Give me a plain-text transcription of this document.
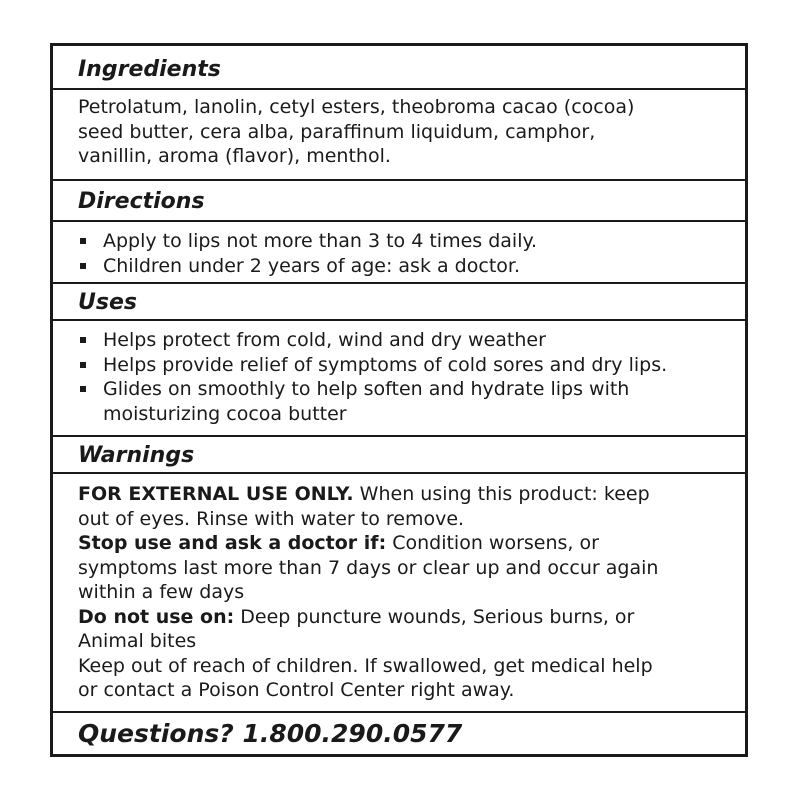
Ingredients
Petrolatum, lanolin, cetyl esters, theobroma cacao (cocoa)
seed butter, cera alba, paraffinum liquidum, camphor,
vanillin, aroma (flavor), menthol.
Directions
Apply to lips not more than 3 to 4 times daily.
Children under 2 years of age: ask a doctor.
Uses
Helps protect from cold, wind and dry weather
Helps provide relief of symptoms of cold sores and dry lips.
Glides on smoothly to help soften and hydrate lips with
moisturizing cocoa butter
Warnings
FOR EXTERNAL USE ONLY. When using this product: keep
out of eyes. Rinse with water to remove.
Stop use and ask a doctor if: Condition worsens, or
symptoms last more than 7 days or clear up and occur again
within a few days
Do not use on: Deep puncture wounds, Serious burns, or
Animal bites
Keep out of reach of children. If swallowed, get medical help
or contact a Poison Control Center right away.
Questions? 1.800.290.0577
